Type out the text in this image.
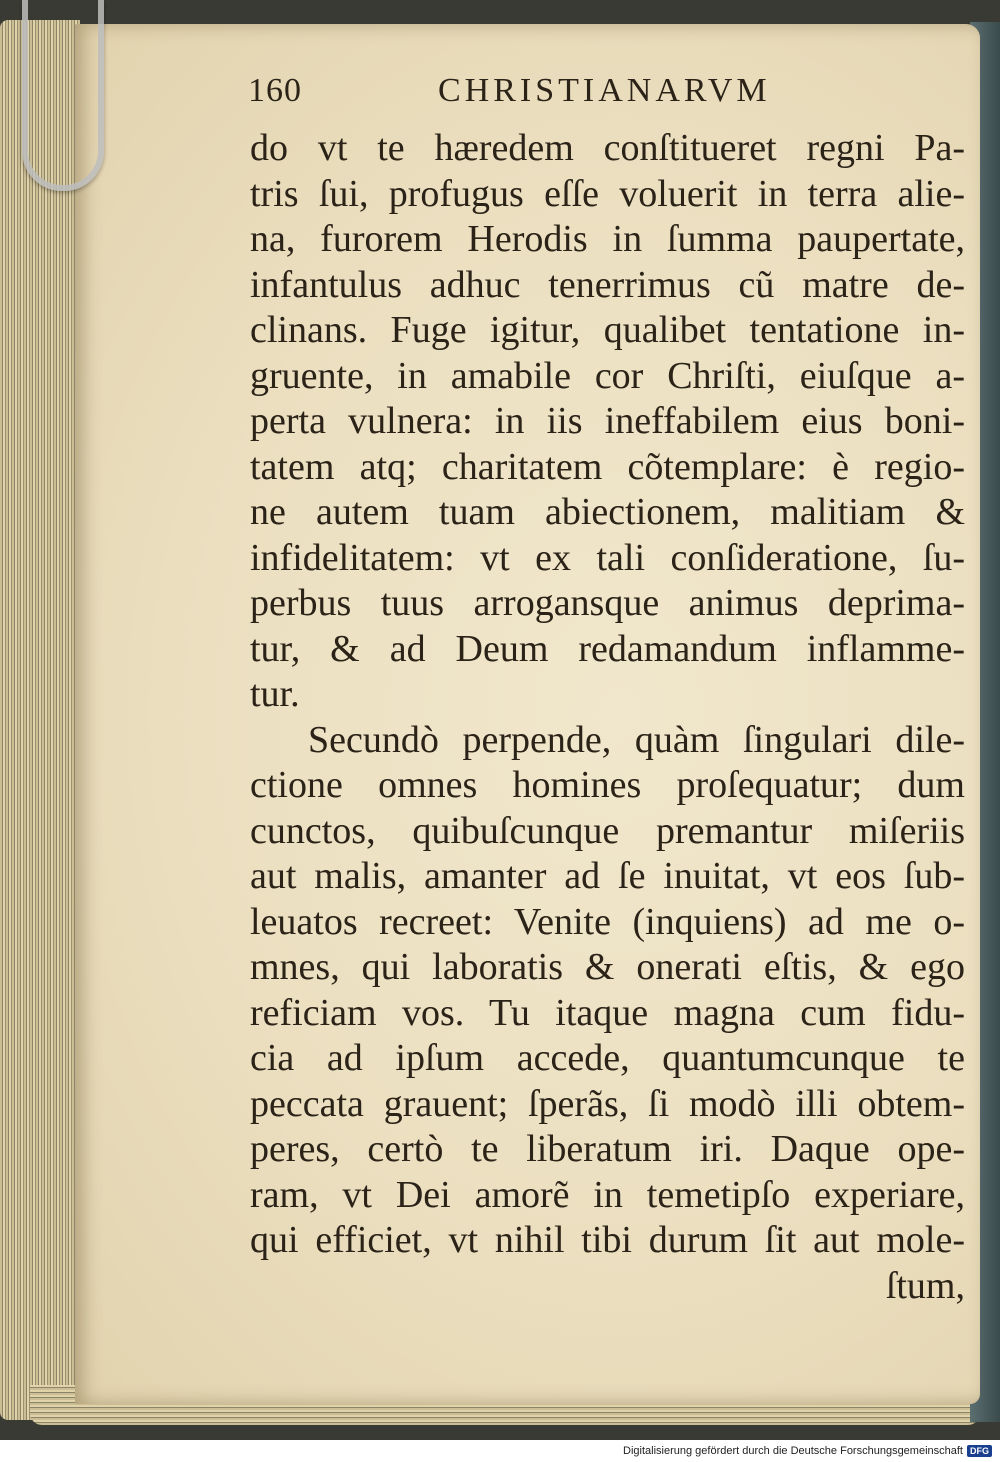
160	CHRISTIANARVM
do vt te hæredem conſtitueret regni Pa-
tris ſui, profugus eſſe voluerit in terra alie-
na, furorem Herodis in ſumma paupertate,
infantulus adhuc tenerrimus cũ matre de-
clinans. Fuge igitur, qualibet tentatione in-
gruente, in amabile cor Chriſti, eiuſque a-
perta vulnera: in iis ineffabilem eius boni-
tatem atq; charitatem cõtemplare: è regio-
ne autem tuam abiectionem, malitiam &
infidelitatem: vt ex tali conſideratione, ſu-
perbus tuus arrogansque animus deprima-
tur, & ad Deum redamandum inflamme-
tur.
Secundò perpende, quàm ſingulari dile-
ctione omnes homines proſequatur; dum
cunctos, quibuſcunque premantur miſeriis
aut malis, amanter ad ſe inuitat, vt eos ſub-
leuatos recreet: Venite (inquiens) ad me o-
mnes, qui laboratis & onerati eſtis, & ego
reficiam vos. Tu itaque magna cum fidu-
cia ad ipſum accede, quantumcunque te
peccata grauent; ſperãs, ſi modò illi obtem-
peres, certò te liberatum iri. Daque ope-
ram, vt Dei amorẽ in temetipſo experiare,
qui efficiet, vt nihil tibi durum ſit aut mole-
ſtum,
Digitalisierung gefördert durch die Deutsche Forschungsgemeinschaft DFG
